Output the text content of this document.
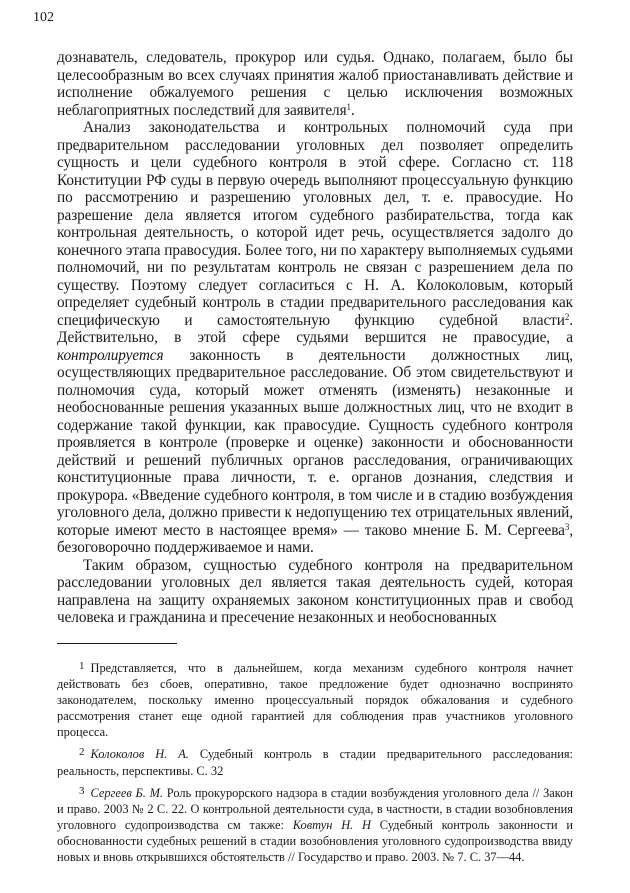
102

дознаватель, следователь, прокурор или судья. Однако, полагаем, было бы целесообразным во всех случаях принятия жалоб приостанавливать действие и исполнение обжалуемого решения с целью исключения возможных неблагоприятных последствий для заявителя$^1$.

Анализ законодательства и контрольных полномочий суда при предварительном расследовании уголовных дел позволяет определить сущность и цели судебного контроля в этой сфере. Согласно ст. 118 Конституции РФ суды в первую очередь выполняют процессуальную функцию по рассмотрению и разрешению уголовных дел, т. е. правосудие. Но разрешение дела является итогом судебного разбирательства, тогда как контрольная деятельность, о которой идет речь, осуществляется задолго до конечного этапа правосудия. Более того, ни по характеру выполняемых судьями полномочий, ни по результатам контроль не связан с разрешением дела по существу. Поэтому следует согласиться с Н. А. Колоколовым, который определяет судебный контроль в стадии предварительного расследования как специфическую и самостоятельную функцию судебной власти$^2$. Действительно, в этой сфере судьями вершится не правосудие, а контролируется законность в деятельности должностных лиц, осуществляющих предварительное расследование. Об этом свидетельствуют и полномочия суда, который может отменять (изменять) незаконные и необоснованные решения указанных выше должностных лиц, что не входит в содержание такой функции, как правосудие. Сущность судебного контроля проявляется в контроле (проверке и оценке) законности и обоснованности действий и решений публичных органов расследования, ограничивающих конституционные права личности, т. е. органов дознания, следствия и прокурора. «Введение судебного контроля, в том числе и в стадию возбуждения уголовного дела, должно привести к недопущению тех отрицательных явлений, которые имеют место в настоящее время» — таково мнение Б. М. Сергеева$^3$, безоговорочно поддерживаемое и нами.

Таким образом, сущностью судебного контроля на предварительном расследовании уголовных дел является такая деятельность судей, которая направлена на защиту охраняемых законом конституционных прав и свобод человека и гражданина и пресечение незаконных и необоснованных

$^1$ Представляется, что в дальнейшем, когда механизм судебного контроля начнет действовать без сбоев, оперативно, такое предложение будет однозначно воспринято законодателем, поскольку именно процессуальный порядок обжалования и судебного рассмотрения станет еще одной гарантией для соблюдения прав участников уголовного процесса.

$^2$ Колоколов Н. А. Судебный контроль в стадии предварительного расследования: реальность, перспективы. С. 32

$^3$ Сергеев Б. М. Роль прокурорского надзора в стадии возбуждения уголовного дела // Закон и право. 2003 № 2 С. 22. О контрольной деятельности суда, в частности, в стадии возобновления уголовного судопроизводства см также: Ковтун Н. Н Судебный контроль законности и обоснованности судебных решений в стадии возобновления уголовного судопроизводства ввиду новых и вновь открывшихся обстоятельств // Государство и право. 2003. № 7. С. 37—44.
